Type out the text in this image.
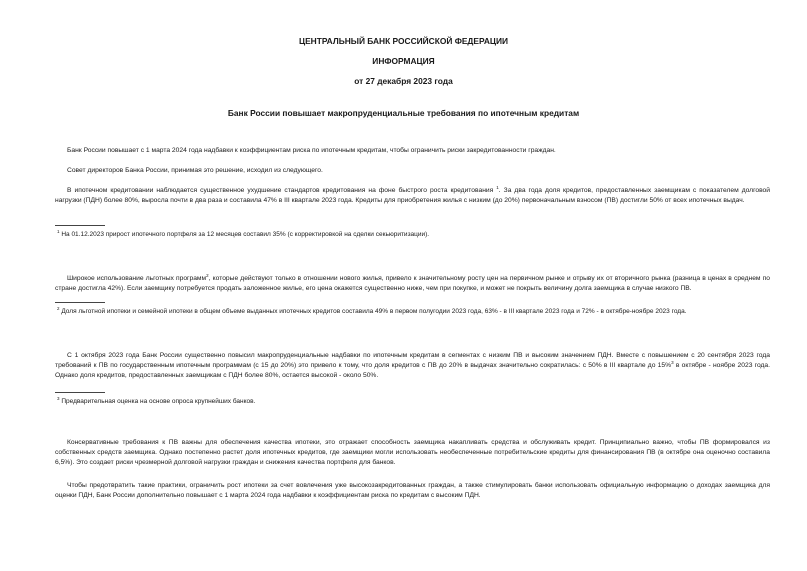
ЦЕНТРАЛЬНЫЙ БАНК РОССИЙСКОЙ ФЕДЕРАЦИИ
ИНФОРМАЦИЯ
от 27 декабря 2023 года
Банк России повышает макропруденциальные требования по ипотечным кредитам
Банк России повышает с 1 марта 2024 года надбавки к коэффициентам риска по ипотечным кредитам, чтобы ограничить риски закредитованности граждан.
Совет директоров Банка России, принимая это решение, исходил из следующего.
В ипотечном кредитовании наблюдается существенное ухудшение стандартов кредитования на фоне быстрого роста кредитования $^1$. За два года доля кредитов, предоставленных заемщикам с показателем долговой нагрузки (ПДН) более 80%, выросла почти в два раза и составила 47% в III квартале 2023 года. Кредиты для приобретения жилья с низким (до 20%) первоначальным взносом (ПВ) достигли 50% от всех ипотечных выдач.
$^1$ На 01.12.2023 прирост ипотечного портфеля за 12 месяцев составил 35% (с корректировкой на сделки секьюритизации).
Широкое использование льготных программ$^2$, которые действуют только в отношении нового жилья, привело к значительному росту цен на первичном рынке и отрыву их от вторичного рынка (разница в ценах в среднем по стране достигла 42%). Если заемщику потребуется продать заложенное жилье, его цена окажется существенно ниже, чем при покупке, и может не покрыть величину долга заемщика в случае низкого ПВ.
$^2$ Доля льготной ипотеки и семейной ипотеки в общем объеме выданных ипотечных кредитов составила 49% в первом полугодии 2023 года, 63% - в III квартале 2023 года и 72% - в октябре-ноябре 2023 года.
С 1 октября 2023 года Банк России существенно повысил макропруденциальные надбавки по ипотечным кредитам в сегментах с низким ПВ и высоким значением ПДН. Вместе с повышением с 20 сентября 2023 года требований к ПВ по государственным ипотечным программам (с 15 до 20%) это привело к тому, что доля кредитов с ПВ до 20% в выдачах значительно сократилась: с 50% в III квартале до 15%$^3$ в октябре - ноябре 2023 года. Однако доля кредитов, предоставленных заемщикам с ПДН более 80%, остается высокой - около 50%.
$^3$ Предварительная оценка на основе опроса крупнейших банков.
Консервативные требования к ПВ важны для обеспечения качества ипотеки, это отражает способность заемщика накапливать средства и обслуживать кредит. Принципиально важно, чтобы ПВ формировался из собственных средств заемщика. Однако постепенно растет доля ипотечных кредитов, где заемщики могли использовать необеспеченные потребительские кредиты для финансирования ПВ (в октябре она оценочно составила 6,5%). Это создает риски чрезмерной долговой нагрузки граждан и снижения качества портфеля для банков.
Чтобы предотвратить такие практики, ограничить рост ипотеки за счет вовлечения уже высокозакредитованных граждан, а также стимулировать банки использовать официальную информацию о доходах заемщика для оценки ПДН, Банк России дополнительно повышает с 1 марта 2024 года надбавки к коэффициентам риска по кредитам с высоким ПДН.
